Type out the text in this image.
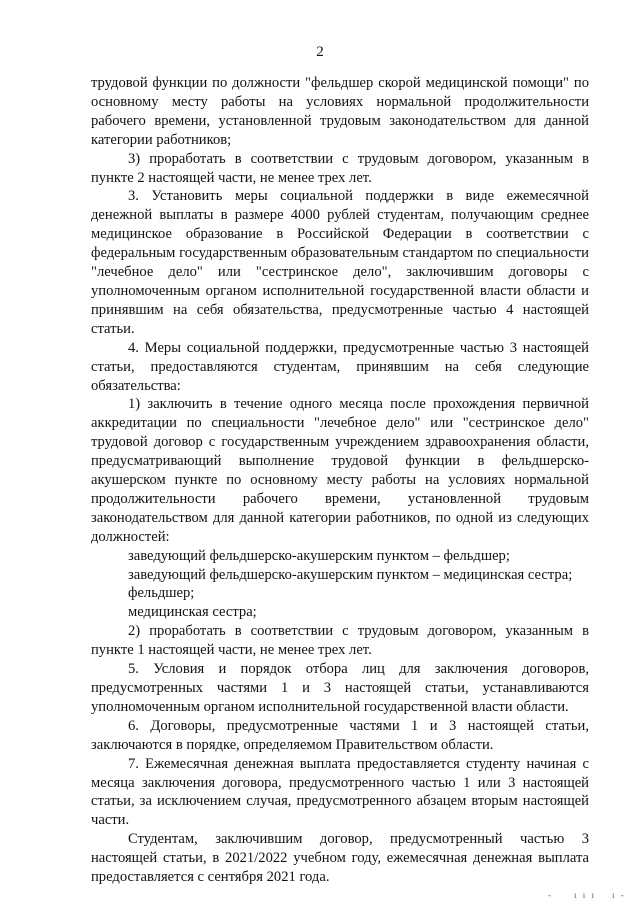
2

трудовой функции по должности "фельдшер скорой медицинской помощи" по основному месту работы на условиях нормальной продолжительности рабочего времени, установленной трудовым законодательством для данной категории работников;

3) проработать в соответствии с трудовым договором, указанным в пункте 2 настоящей части, не менее трех лет.

3. Установить меры социальной поддержки в виде ежемесячной денежной выплаты в размере 4000 рублей студентам, получающим среднее медицинское образование в Российской Федерации в соответствии с федеральным государственным образовательным стандартом по специальности "лечебное дело" или "сестринское дело", заключившим договоры с уполномоченным органом исполнительной государственной власти области и принявшим на себя обязательства, предусмотренные частью 4 настоящей статьи.

4. Меры социальной поддержки, предусмотренные частью 3 настоящей статьи, предоставляются студентам, принявшим на себя следующие обязательства:

1) заключить в течение одного месяца после прохождения первичной аккредитации по специальности "лечебное дело" или "сестринское дело" трудовой договор с государственным учреждением здравоохранения области, предусматривающий выполнение трудовой функции в фельдшерско-акушерском пункте по основному месту работы на условиях нормальной продолжительности рабочего времени, установленной трудовым законодательством для данной категории работников, по одной из следующих должностей:

заведующий фельдшерско-акушерским пунктом – фельдшер;

заведующий фельдшерско-акушерским пунктом – медицинская сестра;

фельдшер;

медицинская сестра;

2) проработать в соответствии с трудовым договором, указанным в пункте 1 настоящей части, не менее трех лет.

5. Условия и порядок отбора лиц для заключения договоров, предусмотренных частями 1 и 3 настоящей статьи, устанавливаются уполномоченным органом исполнительной государственной власти области.

6. Договоры, предусмотренные частями 1 и 3 настоящей статьи, заключаются в порядке, определяемом Правительством области.

7. Ежемесячная денежная выплата предоставляется студенту начиная с месяца заключения договора, предусмотренного частью 1 или 3 настоящей статьи, за исключением случая, предусмотренного абзацем вторым настоящей части.

Студентам, заключившим договор, предусмотренный частью 3 настоящей статьи, в 2021/2022 учебном году, ежемесячная денежная выплата предоставляется с сентября 2021 года.

- ı ı ı ı -
